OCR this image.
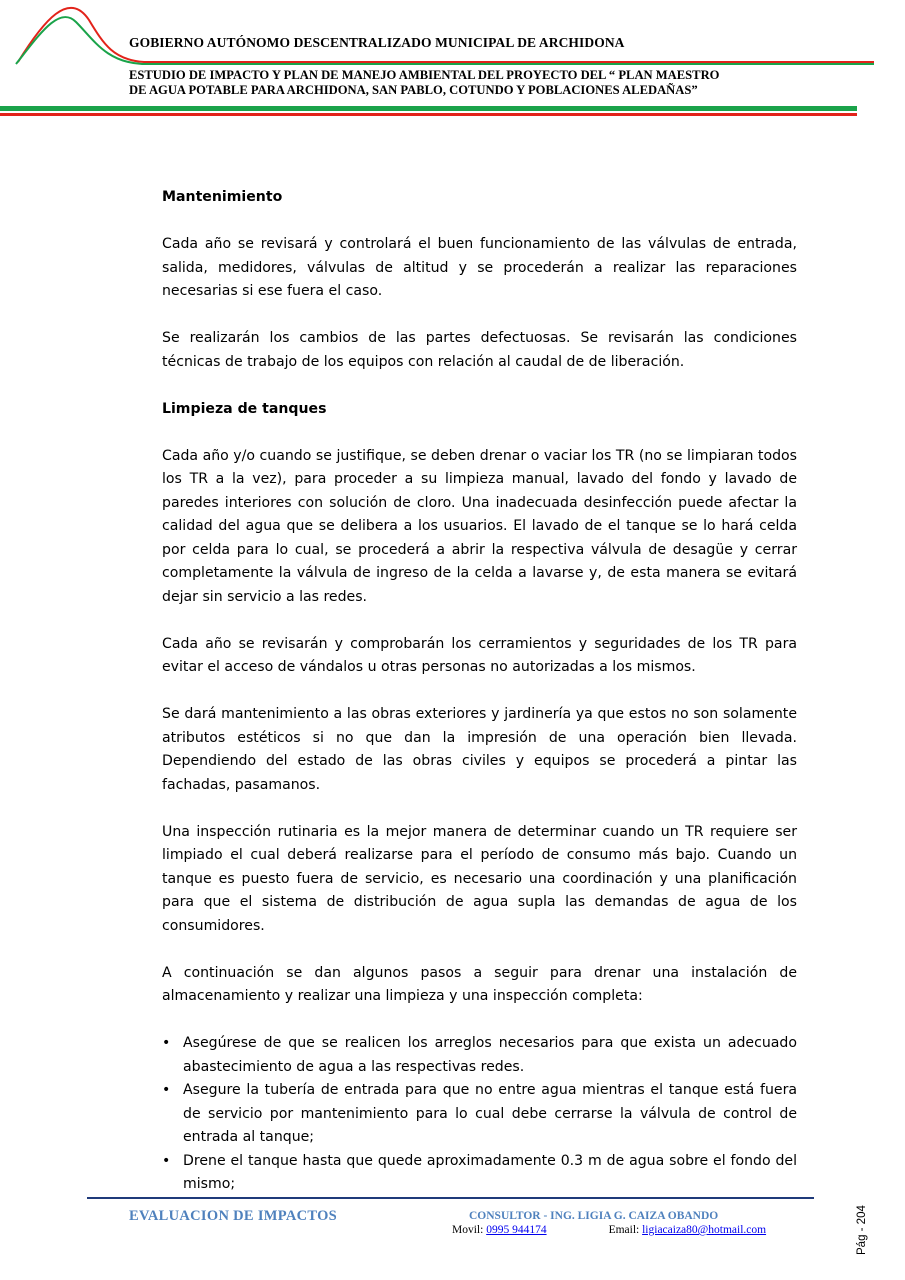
GOBIERNO AUTÓNOMO DESCENTRALIZADO MUNICIPAL DE ARCHIDONA
ESTUDIO DE IMPACTO Y PLAN DE MANEJO AMBIENTAL DEL PROYECTO DEL “ PLAN MAESTRO
DE AGUA POTABLE PARA ARCHIDONA, SAN PABLO, COTUNDO Y POBLACIONES ALEDAÑAS”
Mantenimiento

Cada año se revisará y controlará el buen funcionamiento de las válvulas de entrada, salida, medidores, válvulas de altitud y se procederán a realizar las reparaciones necesarias si ese fuera el caso.

Se realizarán los cambios de las partes defectuosas. Se revisarán las condiciones técnicas de trabajo de los equipos con relación al caudal de de liberación.

Limpieza de tanques

Cada año y/o cuando se justifique, se deben drenar o vaciar los TR (no se limpiaran todos los TR a la vez), para proceder a su limpieza manual, lavado del fondo y lavado de paredes interiores con solución de cloro. Una inadecuada desinfección puede afectar la calidad del agua que se delibera a los usuarios. El lavado de el tanque se lo hará celda por celda para lo cual, se procederá a abrir la respectiva válvula de desagüe y cerrar completamente la válvula de ingreso de la celda a lavarse y, de esta manera se evitará dejar sin servicio a las redes.

Cada año se revisarán y comprobarán los cerramientos y seguridades de los TR para evitar el acceso de vándalos u otras personas no autorizadas a los mismos.

Se dará mantenimiento a las obras exteriores y jardinería ya que estos no son solamente atributos estéticos si no que dan la impresión de una operación bien llevada. Dependiendo del estado de las obras civiles y equipos se procederá a pintar las fachadas, pasamanos.

Una inspección rutinaria es la mejor manera de determinar cuando un TR requiere ser limpiado el cual deberá realizarse para el período de consumo más bajo. Cuando un tanque es puesto fuera de servicio, es necesario una coordinación y una planificación para que el sistema de distribución de agua supla las demandas de agua de los consumidores.

A continuación se dan algunos pasos a seguir para drenar una instalación de almacenamiento y realizar una limpieza y una inspección completa:

• Asegúrese de que se realicen los arreglos necesarios para que exista un adecuado abastecimiento de agua a las respectivas redes.
• Asegure la tubería de entrada para que no entre agua mientras el tanque está fuera de servicio por mantenimiento para lo cual debe cerrarse la válvula de control de entrada al tanque;
• Drene el tanque hasta que quede aproximadamente 0.3 m de agua sobre el fondo del mismo;
EVALUACION DE IMPACTOS	CONSULTOR - ING. LIGIA G. CAIZA OBANDO
Movil: 0995 944174	Email: ligiacaiza80@hotmail.com	Pág - 204
